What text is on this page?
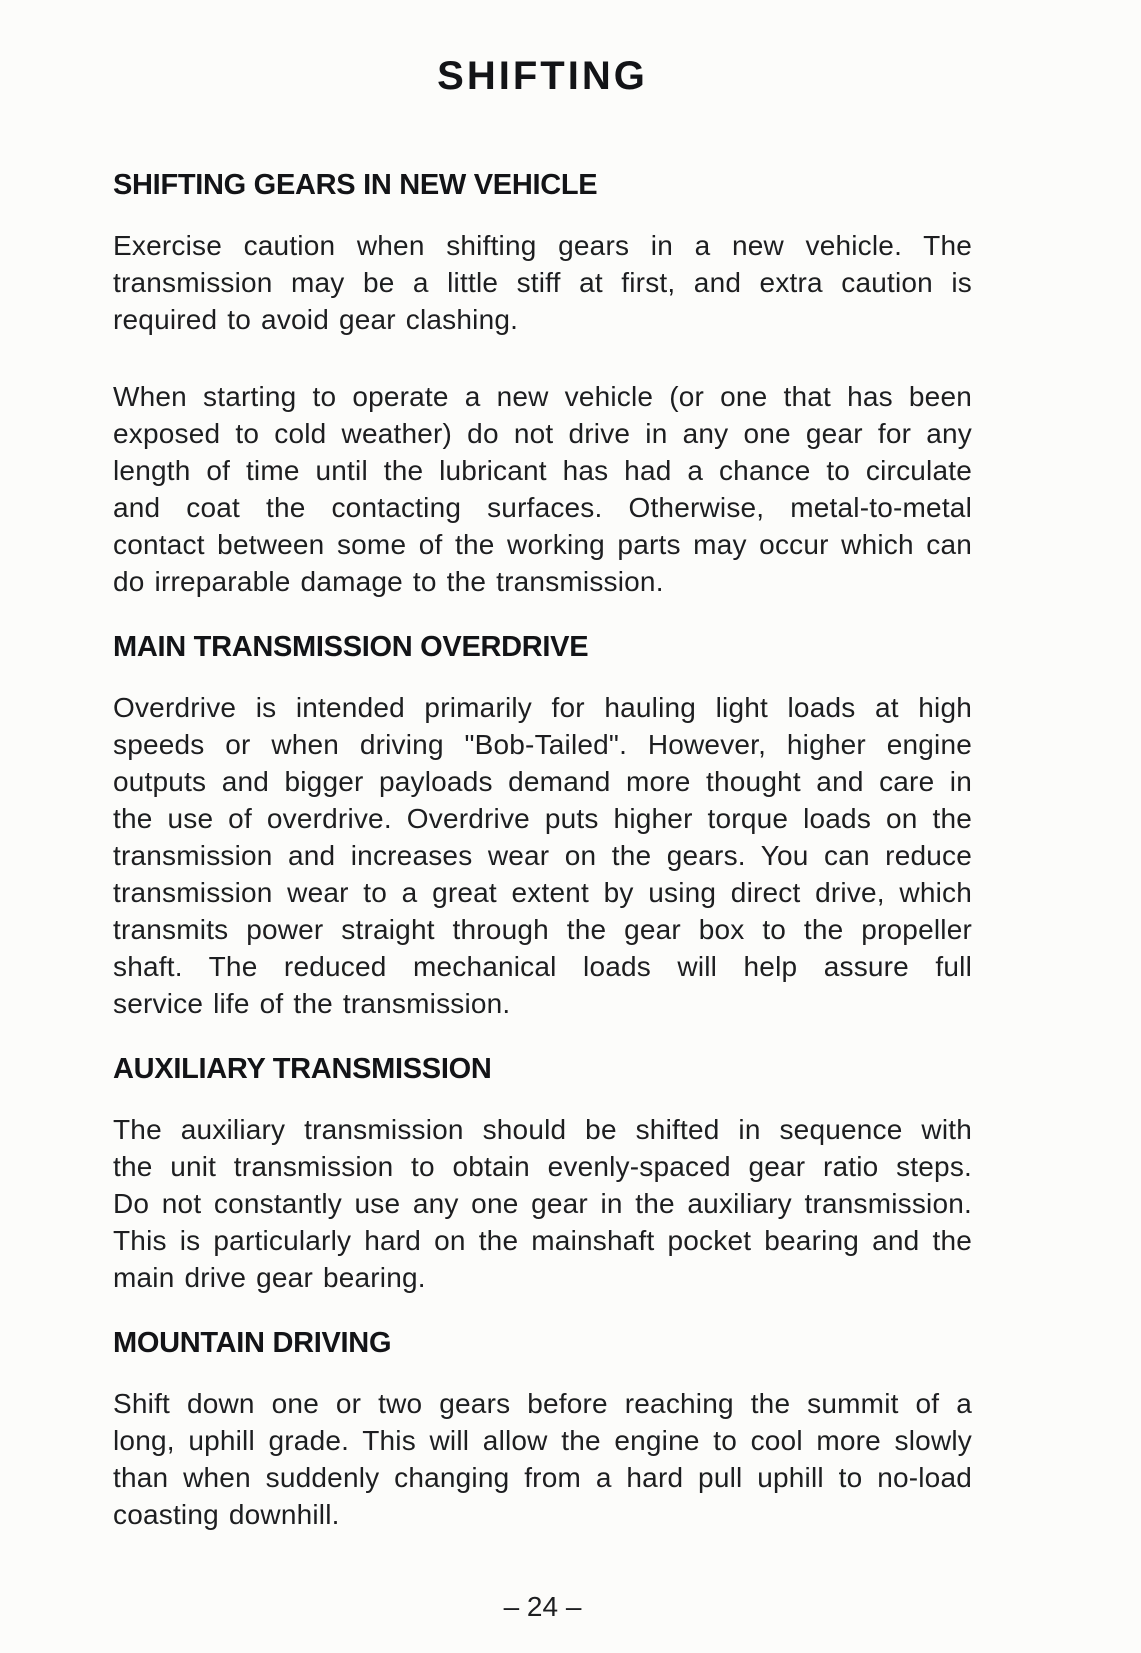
SHIFTING
SHIFTING GEARS IN NEW VEHICLE
Exercise caution when shifting gears in a new vehicle. The
transmission may be a little stiff at first, and extra caution is
required to avoid gear clashing.
When starting to operate a new vehicle (or one that has been
exposed to cold weather) do not drive in any one gear for any
length of time until the lubricant has had a chance to circulate
and coat the contacting surfaces. Otherwise, metal-to-metal
contact between some of the working parts may occur which can
do irreparable damage to the transmission.
MAIN TRANSMISSION OVERDRIVE
Overdrive is intended primarily for hauling light loads at high
speeds or when driving "Bob-Tailed". However, higher engine
outputs and bigger payloads demand more thought and care in
the use of overdrive. Overdrive puts higher torque loads on the
transmission and increases wear on the gears. You can reduce
transmission wear to a great extent by using direct drive, which
transmits power straight through the gear box to the propeller
shaft. The reduced mechanical loads will help assure full
service life of the transmission.
AUXILIARY TRANSMISSION
The auxiliary transmission should be shifted in sequence with
the unit transmission to obtain evenly-spaced gear ratio steps.
Do not constantly use any one gear in the auxiliary transmission.
This is particularly hard on the mainshaft pocket bearing and the
main drive gear bearing.
MOUNTAIN DRIVING
Shift down one or two gears before reaching the summit of a
long, uphill grade. This will allow the engine to cool more slowly
than when suddenly changing from a hard pull uphill to no-load
coasting downhill.
– 24 –
